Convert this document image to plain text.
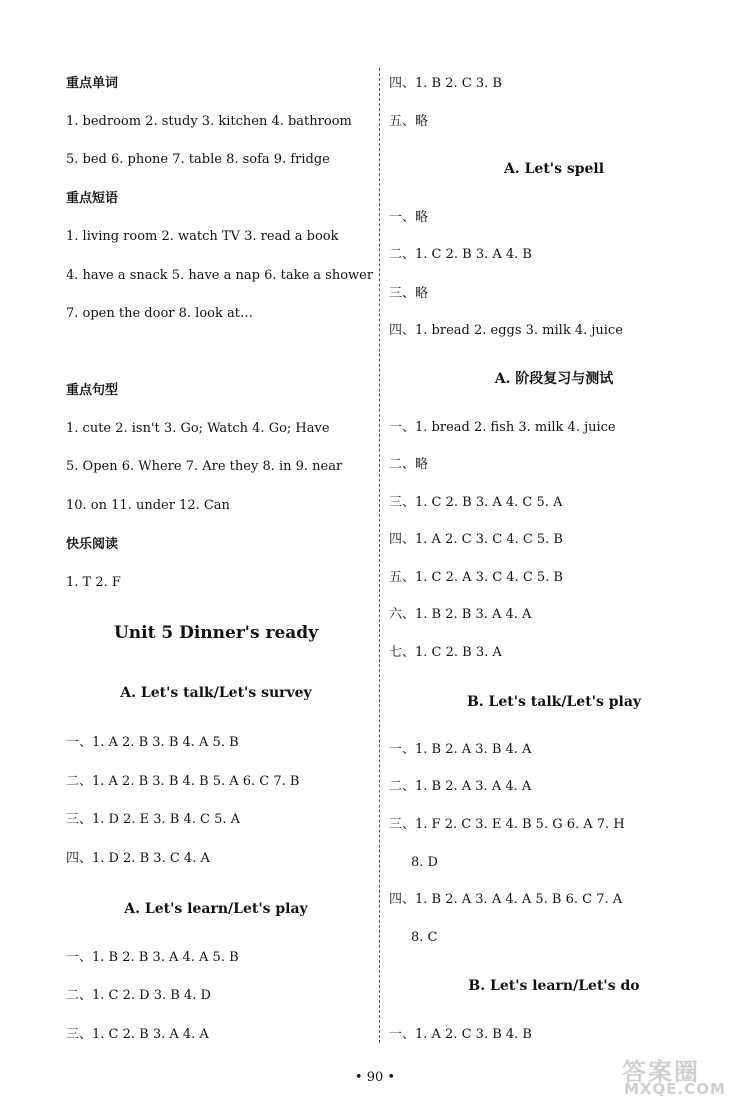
重点单词
1. bedroom 2. study 3. kitchen 4. bathroom
5. bed 6. phone 7. table 8. sofa 9. fridge
重点短语
1. living room 2. watch TV 3. read a book
4. have a snack 5. have a nap 6. take a shower
7. open the door 8. look at…
重点句型
1. cute 2. isn't 3. Go; Watch 4. Go; Have
5. Open 6. Where 7. Are they 8. in 9. near
10. on 11. under 12. Can
快乐阅读
1. T 2. F
Unit 5 Dinner's ready
A. Let's talk/Let's survey
一、1. A 2. B 3. B 4. A 5. B
二、1. A 2. B 3. B 4. B 5. A 6. C 7. B
三、1. D 2. E 3. B 4. C 5. A
四、1. D 2. B 3. C 4. A
A. Let's learn/Let's play
一、1. B 2. B 3. A 4. A 5. B
二、1. C 2. D 3. B 4. D
三、1. C 2. B 3. A 4. A
四、1. B 2. C 3. B
五、略
A. Let's spell
一、略
二、1. C 2. B 3. A 4. B
三、略
四、1. bread 2. eggs 3. milk 4. juice
A. 阶段复习与测试
一、1. bread 2. fish 3. milk 4. juice
二、略
三、1. C 2. B 3. A 4. C 5. A
四、1. A 2. C 3. C 4. C 5. B
五、1. C 2. A 3. C 4. C 5. B
六、1. B 2. B 3. A 4. A
七、1. C 2. B 3. A
B. Let's talk/Let's play
一、1. B 2. A 3. B 4. A
二、1. B 2. A 3. A 4. A
三、1. F 2. C 3. E 4. B 5. G 6. A 7. H
8. D
四、1. B 2. A 3. A 4. A 5. B 6. C 7. A
8. C
B. Let's learn/Let's do
一、1. A 2. C 3. B 4. B
• 90 •	答案圈
MXQE.COM
